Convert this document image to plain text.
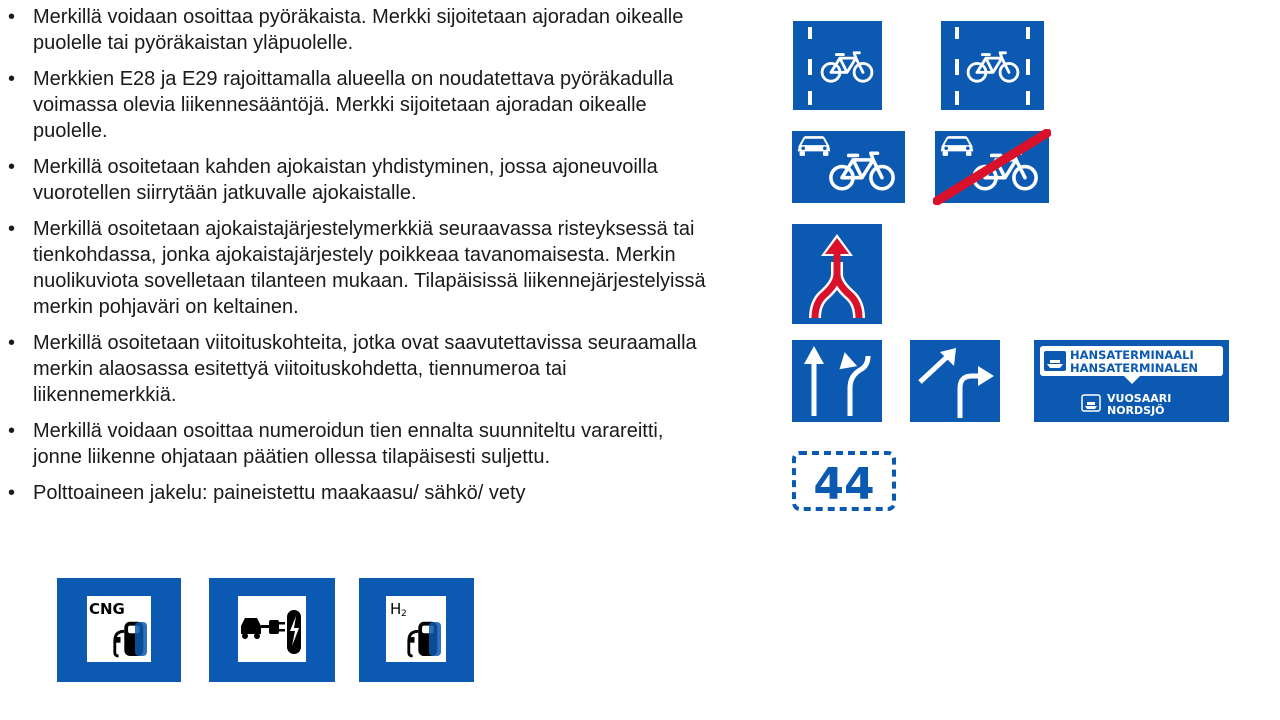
• Merkillä voidaan osoittaa pyöräkaista. Merkki sijoitetaan ajoradan oikealle puolelle tai pyöräkaistan yläpuolelle.
• Merkkien E28 ja E29 rajoittamalla alueella on noudatettava pyöräkadulla voimassa olevia liikennesääntöjä. Merkki sijoitetaan ajoradan oikealle puolelle.
• Merkillä osoitetaan kahden ajokaistan yhdistyminen, jossa ajoneuvoilla vuorotellen siirrytään jatkuvalle ajokaistalle.
• Merkillä osoitetaan ajokaistajärjestelymerkkiä seuraavassa risteyksessä tai tienkohdassa, jonka ajokaistajärjestely poikkeaa tavanomaisesta. Merkin nuolikuviota sovelletaan tilanteen mukaan. Tilapäisissä liikennejärjestelyissä merkin pohjaväri on keltainen.
• Merkillä osoitetaan viitoituskohteita, jotka ovat saavutettavissa seuraamalla merkin alaosassa esitettyä viitoituskohdetta, tiennumeroa tai liikennemerkkiä.
• Merkillä voidaan osoittaa numeroidun tien ennalta suunniteltu varareitti, jonne liikenne ohjataan päätien ollessa tilapäisesti suljettu.
• Polttoaineen jakelu: paineistettu maakaasu/ sähkö/ vety
HANSATERMINAALI
HANSATERMINALEN
VUOSAARI
NORDSJÖ
44
CNG	H 2
